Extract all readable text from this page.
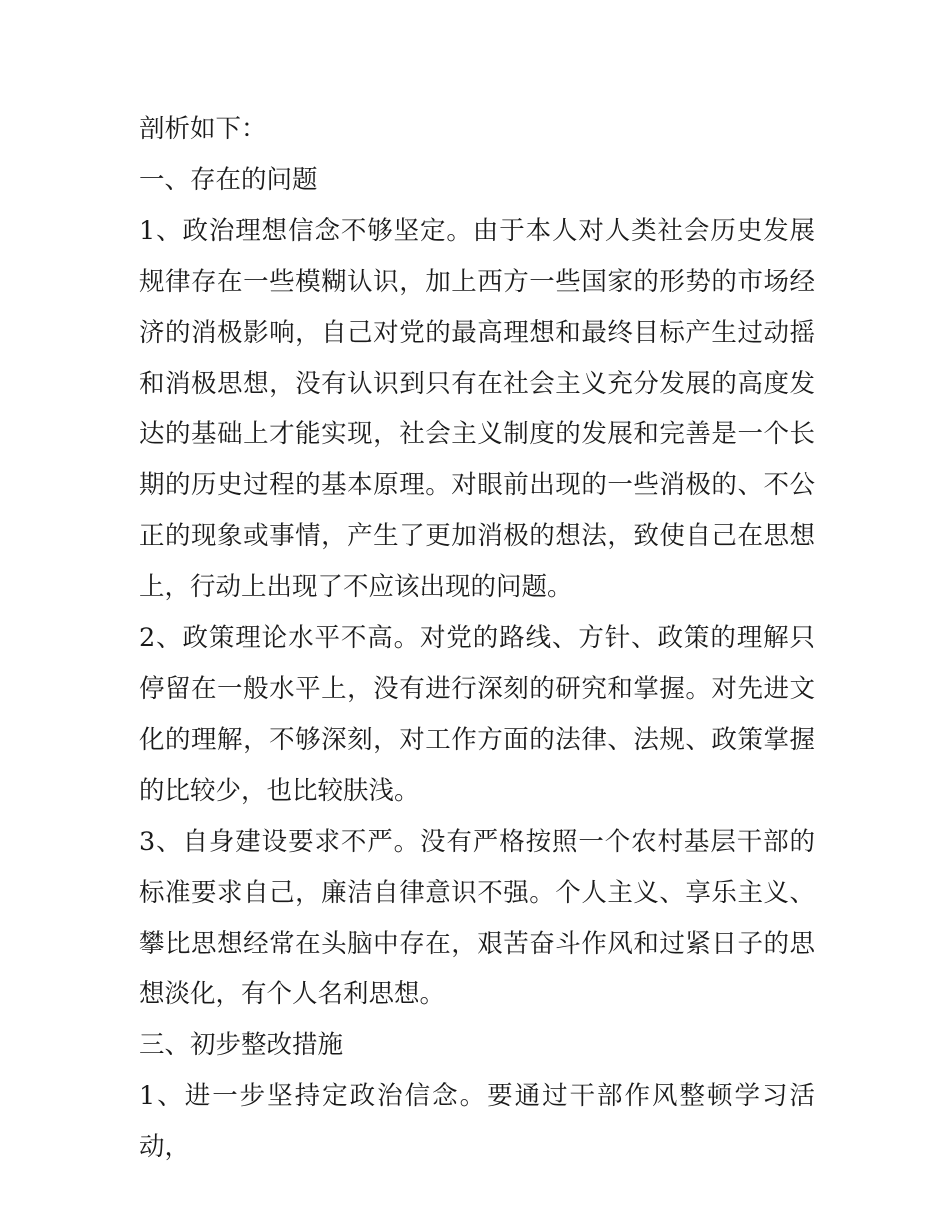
剖析如下：

一、存在的问题

1、政治理想信念不够坚定。由于本人对人类社会历史发展规律存在一些模糊认识，加上西方一些国家的形势的市场经济的消极影响，自己对党的最高理想和最终目标产生过动摇和消极思想，没有认识到只有在社会主义充分发展的高度发达的基础上才能实现，社会主义制度的发展和完善是一个长期的历史过程的基本原理。对眼前出现的一些消极的、不公正的现象或事情，产生了更加消极的想法，致使自己在思想上，行动上出现了不应该出现的问题。

2、政策理论水平不高。对党的路线、方针、政策的理解只停留在一般水平上，没有进行深刻的研究和掌握。对先进文化的理解，不够深刻，对工作方面的法律、法规、政策掌握的比较少，也比较肤浅。

3、自身建设要求不严。没有严格按照一个农村基层干部的标准要求自己，廉洁自律意识不强。个人主义、享乐主义、攀比思想经常在头脑中存在，艰苦奋斗作风和过紧日子的思想淡化，有个人名利思想。

三、初步整改措施

1、进一步坚持定政治信念。要通过干部作风整顿学习活动，
